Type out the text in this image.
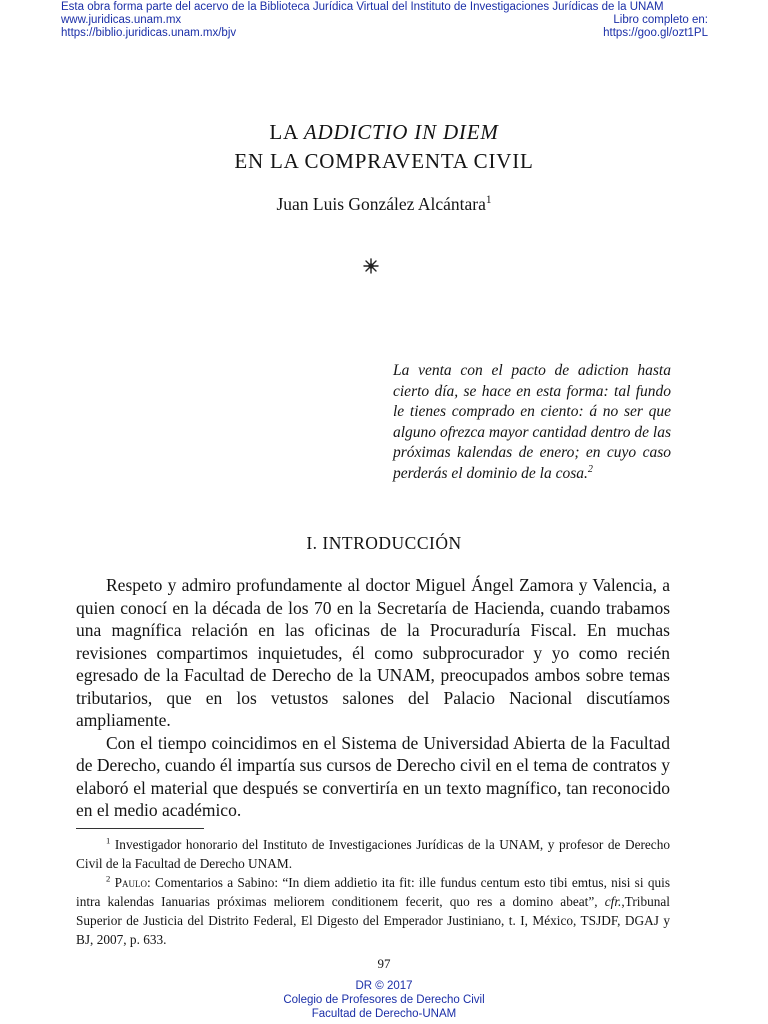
Esta obra forma parte del acervo de la Biblioteca Jurídica Virtual del Instituto de Investigaciones Jurídicas de la UNAM
www.juridicas.unam.mx
https://biblio.juridicas.unam.mx/bjv
Libro completo en:
https://goo.gl/ozt1PL
LA ADDICTIO IN DIEM
EN LA COMPRAVENTA CIVIL
Juan Luis González Alcántara$^1$
La venta con el pacto de adiction hasta cierto día, se hace en esta forma: tal fundo le tienes comprado en ciento: á no ser que alguno ofrezca mayor cantidad dentro de las próximas kalendas de enero; en cuyo caso perderás el dominio de la cosa.$^2$
I. INTRODUCCIÓN

Respeto y admiro profundamente al doctor Miguel Ángel Zamora y Valencia, a quien conocí en la década de los 70 en la Secretaría de Hacienda, cuando trabamos una magnífica relación en las oficinas de la Procuraduría Fiscal. En muchas revisiones compartimos inquietudes, él como subprocurador y yo como recién egresado de la Facultad de Derecho de la UNAM, preocupados ambos sobre temas tributarios, que en los vetustos salones del Palacio Nacional discutíamos ampliamente.

Con el tiempo coincidimos en el Sistema de Universidad Abierta de la Facultad de Derecho, cuando él impartía sus cursos de Derecho civil en el tema de contratos y elaboró el material que después se convertiría en un texto magnífico, tan reconocido en el medio académico.

$^1$ Investigador honorario del Instituto de Investigaciones Jurídicas de la UNAM, y profesor de Derecho Civil de la Facultad de Derecho UNAM.

$^2$ Paulo: Comentarios a Sabino: “In diem addietio ita fit: ille fundus centum esto tibi emtus, nisi si quis intra kalendas Ianuarias próximas meliorem conditionem fecerit, quo res a domino abeat”, cfr.,Tribunal Superior de Justicia del Distrito Federal, El Digesto del Emperador Justiniano, t. I, México, TSJDF, DGAJ y BJ, 2007, p. 633.

97
DR © 2017
Colegio de Profesores de Derecho Civil
Facultad de Derecho-UNAM
